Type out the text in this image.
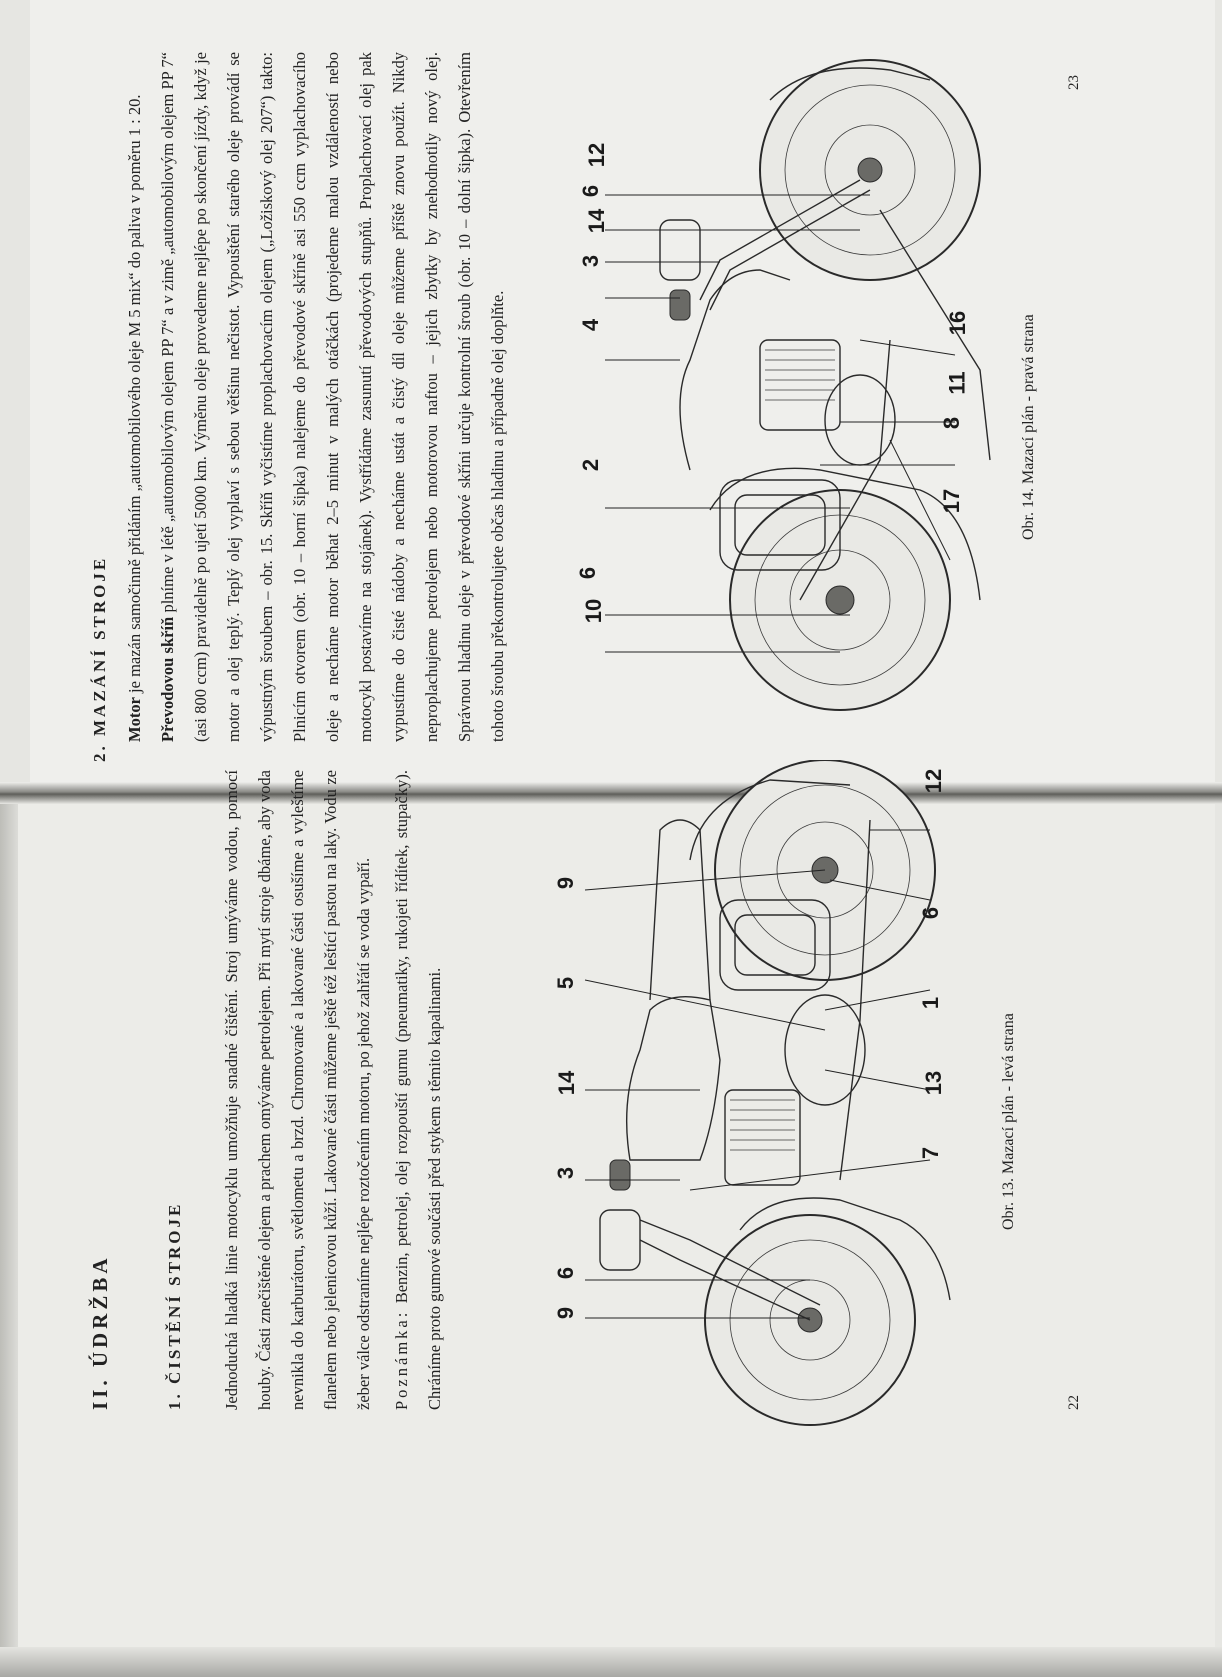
2. MAZÁNÍ STROJE Motor je mazán samočinně přidáním „automobilového oleje M 5 mix“ do paliva v poměru 1 : 20. Převodovou skříň plníme v létě „automobilovým olejem PP 7“ a v zimě „automobilovým olejem PP 7“ (asi 800 ccm) pravidelně po ujetí 5000 km. Výměnu oleje provedeme nejlépe po skončení jízdy, když je motor a olej teplý. Teplý olej vyplaví s sebou většinu nečistot. Vypouštění starého oleje provádí se výpustným šroubem – obr. 15. Skříň vyčistíme proplachovacím olejem („Ložiskový olej 207“) takto: Plnicím otvorem (obr. 10 – horní šipka) nalejeme do převodové skříně asi 550 ccm vyplachovacího oleje a necháme motor běhat 2–5 minut v malých otáčkách (projedeme malou vzdáleností nebo motocykl postavíme na stojánek). Vystřídáme zasunutí převodových stupňů. Proplachovací olej pak vypustíme do čisté nádoby a necháme ustát a čistý díl oleje můžeme příště znovu použít. Nikdy neproplachujeme petrolejem nebo motorovou naftou – jejich zbytky by znehodnotily nový olej. Správnou hladinu oleje v převodové skříni určuje kontrolní šroub (obr. 10 – dolní šipka). Otevřením tohoto šroubu překontrolujete občas hladinu a případně olej doplňte.	10
6
2
17
8
11
16
4
3
14
6
12
Obr. 14. Mazací plán - pravá strana
23
II. ÚDRŽBA	1. ČISTĚNÍ STROJE	Jednoduchá hladká linie motocyklu umožňuje snadné čištění. Stroj umýváme vodou, pomocí houby. Části znečištěné olejem a prachem omýváme petrolejem. Při mytí stroje dbáme, aby voda nevnikla do karburátoru, světlometu a brzd. Chromované a lakované části osušíme a vyleštíme flanelem nebo jelenicovou kůží. Lakované části můžeme ještě též leštící pastou na laky. Vodu ze žeber válce odstraníme nejlépe roztočením motoru, po jehož zahřátí se voda vypaří.	Poznámka: Benzin, petrolej, olej rozpouští gumu (pneumatiky, rukojeti řídítek, stupačky). Chráníme proto gumové součásti před stykem s těmito kapalinami.	9
6
3
7
14	13
5
1
9
6
12
Obr. 13. Mazací plán - levá strana
22
